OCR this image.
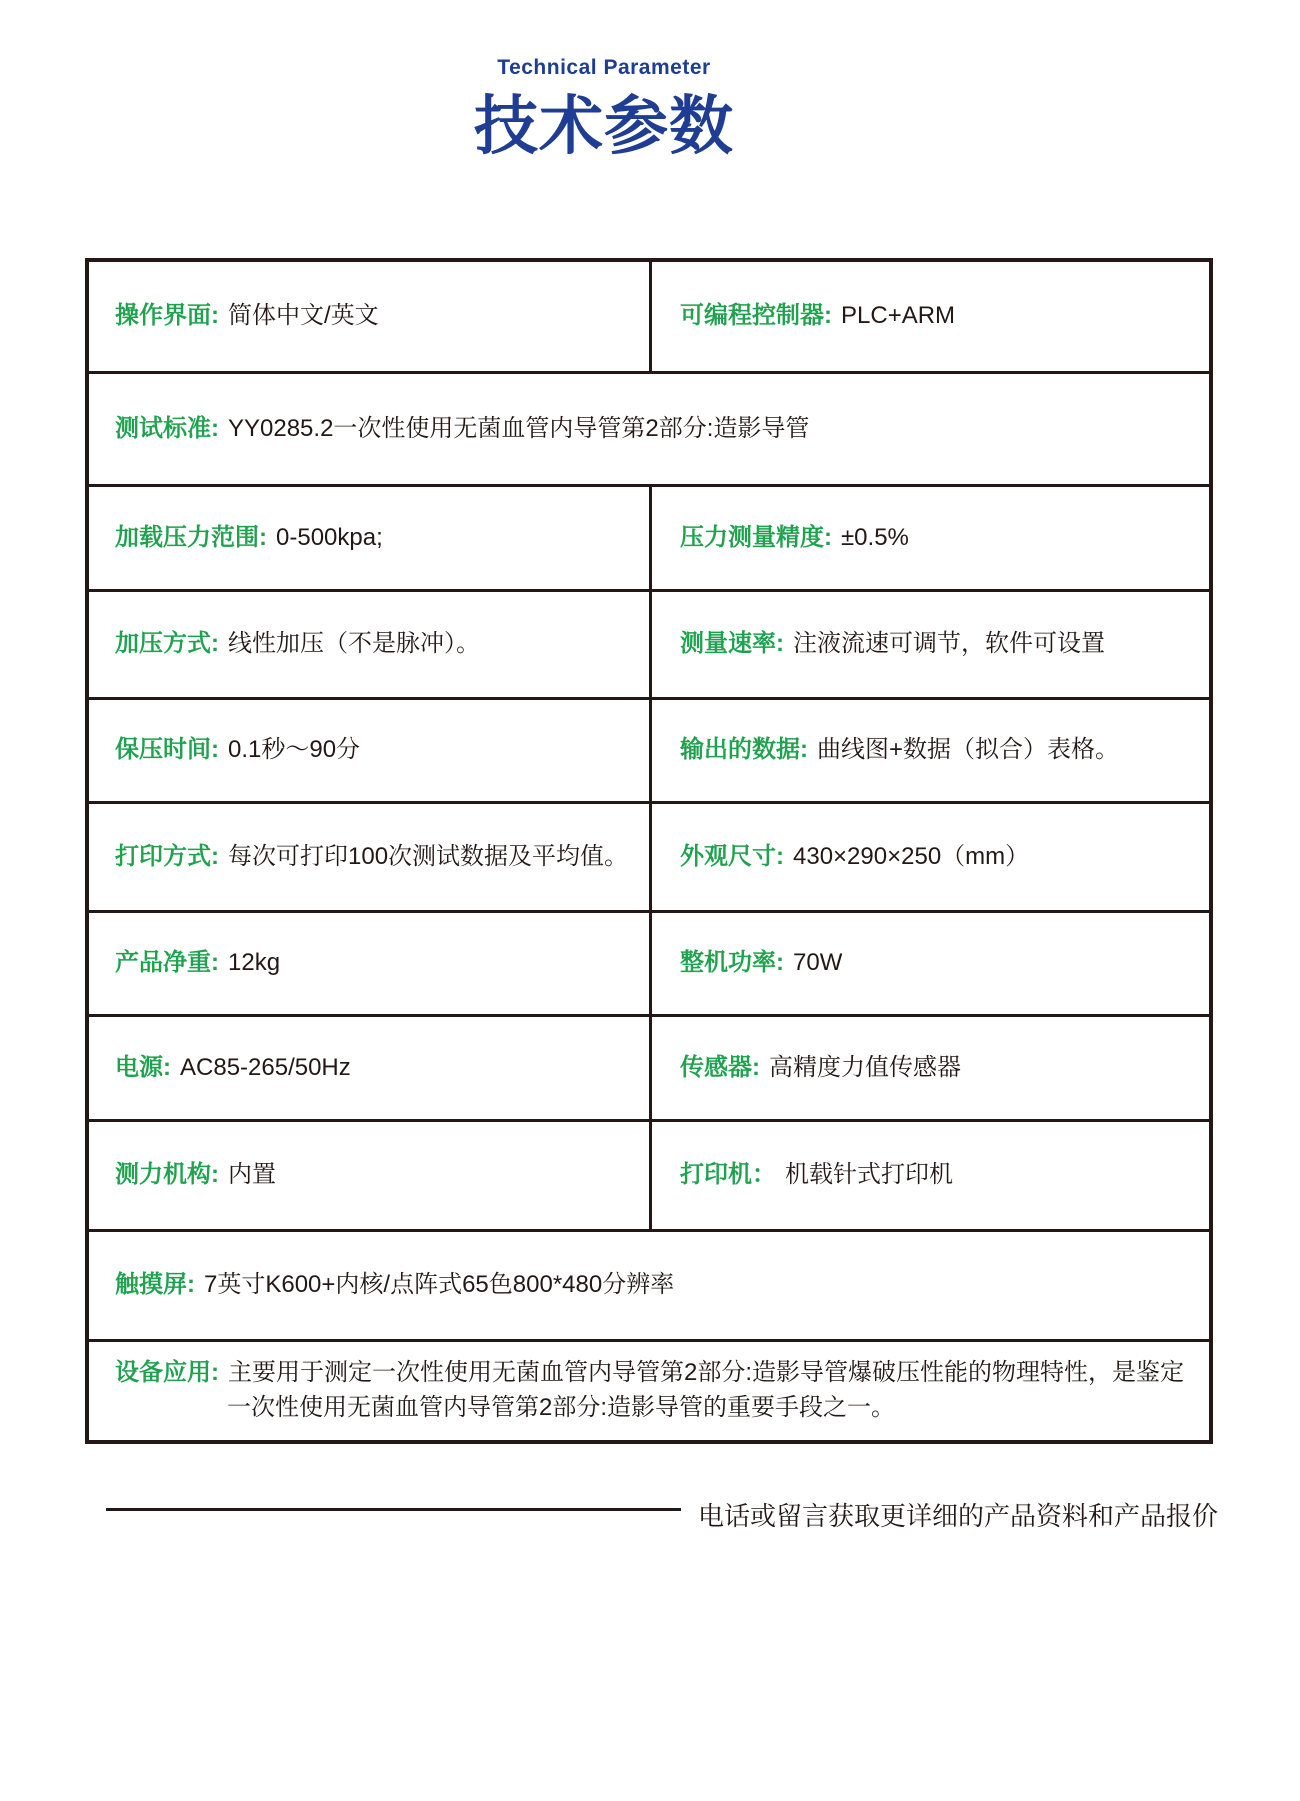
Technical Parameter
技术参数
操作界面: 简体中文/英文	可编程控制器: PLC+ARM
测试标准: YY0285.2一次性使用无菌血管内导管第2部分:造影导管
加载压力范围: 0-500kpa;	压力测量精度: ±0.5%
加压方式: 线性加压（不是脉冲）。	测量速率: 注液流速可调节，软件可设置
保压时间: 0.1秒～90分	输出的数据: 曲线图+数据（拟合）表格。
打印方式: 每次可打印100次测试数据及平均值。 外观尺寸: 430×290×250（mm）
产品净重: 12kg	整机功率: 70W
电源: AC85-265/50Hz	传感器: 高精度力值传感器
测力机构: 内置	打印机： 机载针式打印机
触摸屏: 7英寸K600+内核/点阵式65色800*480分辨率
设备应用: 主要用于测定一次性使用无菌血管内导管第2部分:造影导管爆破压性能的物理特性，是鉴定一次性使用无菌血管内导管第2部分:造影导管的重要手段之一。
电话或留言获取更详细的产品资料和产品报价
